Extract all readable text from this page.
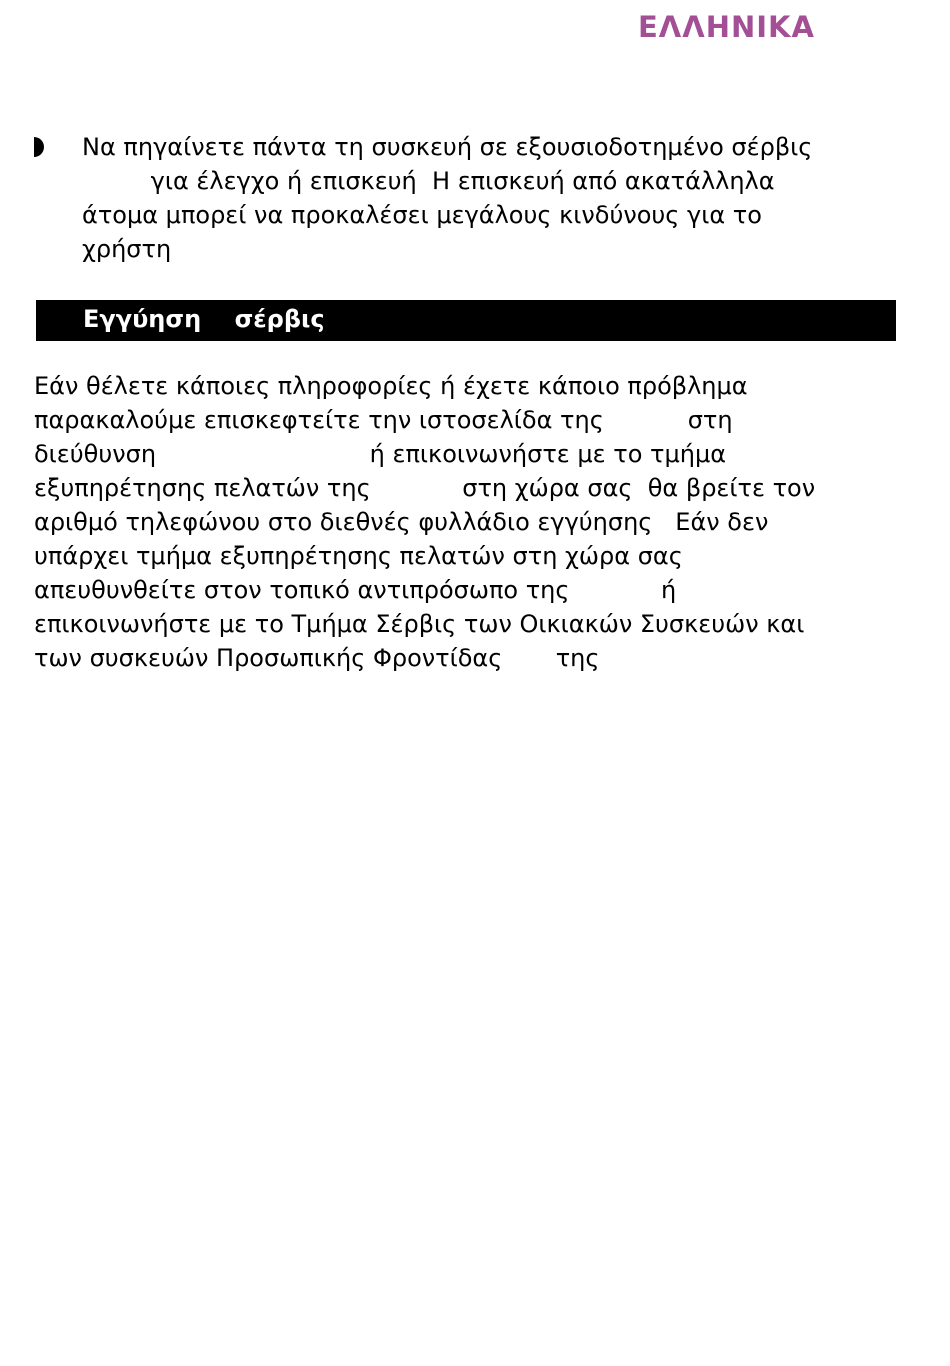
ΕΛΛΗΝΙΚΑ
Να πηγαίνετε πάντα τη συσκευή σε εξουσιοδοτημένο σέρβις
για έλεγχο ή επισκευή  Η επισκευή από ακατάλληλα
άτομα μπορεί να προκαλέσει μεγάλους κινδύνους για το
χρήστη
Εγγύηση    σέρβις
Εάν θέλετε κάποιες πληροφορίες ή έχετε κάποιο πρόβλημα
παρακαλούμε επισκεφτείτε την ιστοσελίδα της           στη
διεύθυνση                            ή επικοινωνήστε με το τμήμα
εξυπηρέτησης πελατών της            στη χώρα σας  θα βρείτε τον
αριθμό τηλεφώνου στο διεθνές φυλλάδιο εγγύησης   Εάν δεν
υπάρχει τμήμα εξυπηρέτησης πελατών στη χώρα σας
απευθυνθείτε στον τοπικό αντιπρόσωπο της            ή
επικοινωνήστε με το Τμήμα Σέρβις των Οικιακών Συσκευών και
των συσκευών Προσωπικής Φροντίδας       της
